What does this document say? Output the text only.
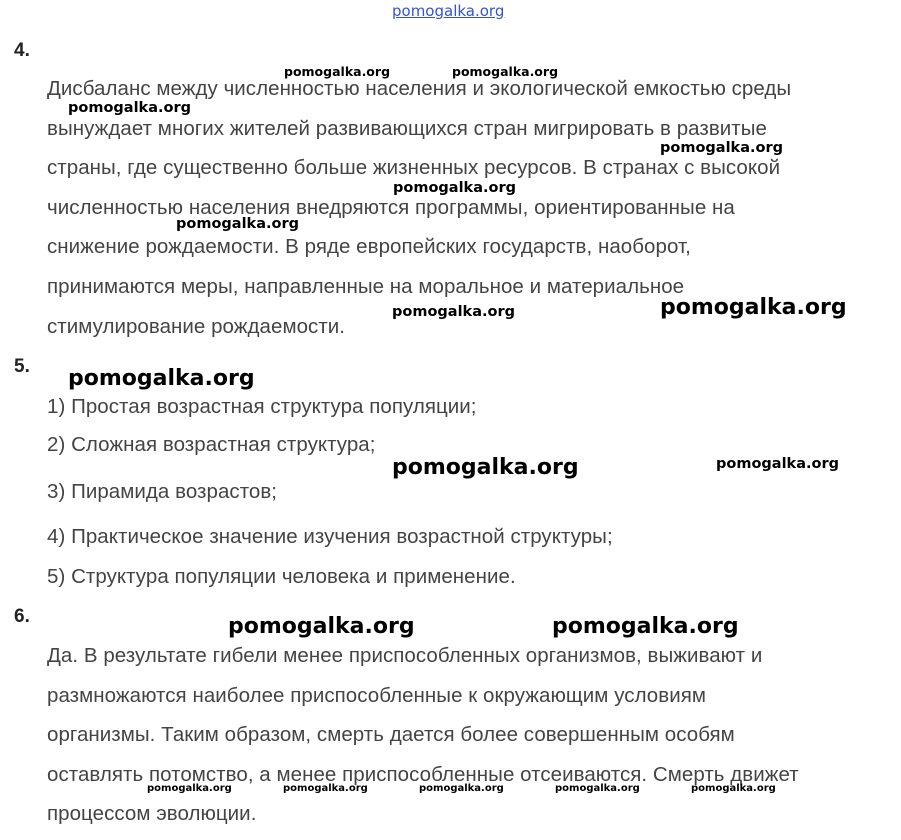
pomogalka.org
4.
Дисбаланс между численностью населения и экологической емкостью среды
вынуждает многих жителей развивающихся стран мигрировать в развитые
страны, где существенно больше жизненных ресурсов. В странах с высокой
численностью населения внедряются программы, ориентированные на
снижение рождаемости. В ряде европейских государств, наоборот,
принимаются меры, направленные на моральное и материальное
стимулирование рождаемости.
5.
1) Простая возрастная структура популяции;
2) Сложная возрастная структура;
3) Пирамида возрастов;
4) Практическое значение изучения возрастной структуры;
5) Структура популяции человека и применение.
6.
Да. В результате гибели менее приспособленных организмов, выживают и
размножаются наиболее приспособленные к окружающим условиям
организмы. Таким образом, смерть дается более совершенным особям
оставлять потомство, а менее приспособленные отсеиваются. Смерть движет
процессом эволюции.
pomogalka.org	pomogalka.org
pomogalka.org
pomogalka.org
pomogalka.org
pomogalka.org
pomogalka.org	pomogalka.org
pomogalka.org
pomogalka.org	pomogalka.org
pomogalka.org	pomogalka.org
pomogalka.org	pomogalka.org	pomogalka.org	pomogalka.org	pomogalka.org
